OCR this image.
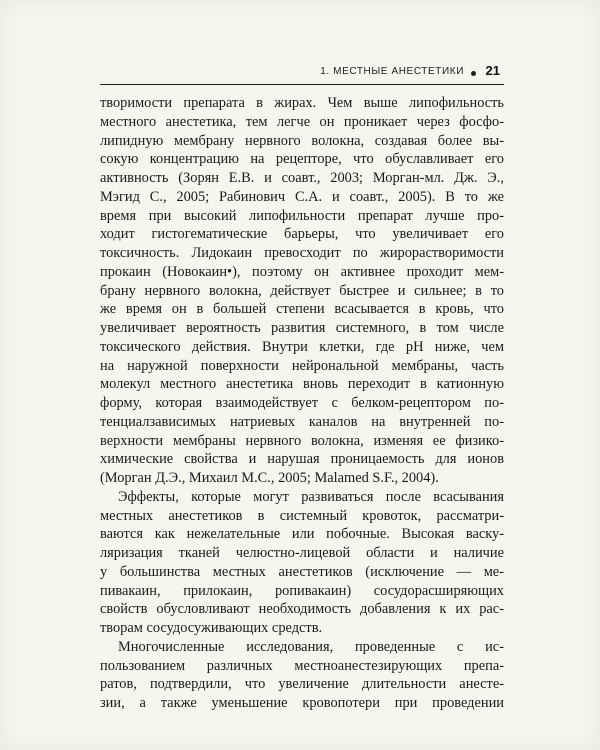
1. МЕСТНЫЕ АНЕСТЕТИКИ 21
творимости препарата в жирах. Чем выше липофильность
местного анестетика, тем легче он проникает через фосфо-
липидную мембрану нервного волокна, создавая более вы-
сокую концентрацию на рецепторе, что обуславливает его
активность (Зорян Е.В. и соавт., 2003; Морган-мл. Дж. Э.,
Мэгид С., 2005; Рабинович С.А. и соавт., 2005). В то же
время при высокий липофильности препарат лучше про-
ходит гистогематические барьеры, что увеличивает его
токсичность. Лидокаин превосходит по жирорастворимости
прокаин (Новокаин•), поэтому он активнее проходит мем-
брану нервного волокна, действует быстрее и сильнее; в то
же время он в большей степени всасывается в кровь, что
увеличивает вероятность развития системного, в том числе
токсического действия. Внутри клетки, где pH ниже, чем
на наружной поверхности нейрональной мембраны, часть
молекул местного анестетика вновь переходит в катионную
форму, которая взаимодействует с белком-рецептором по-
тенциалзависимых натриевых каналов на внутренней по-
верхности мембраны нервного волокна, изменяя ее физико-
химические свойства и нарушая проницаемость для ионов
(Морган Д.Э., Михаил М.С., 2005; Malamed S.F., 2004).
Эффекты, которые могут развиваться после всасывания
местных анестетиков в системный кровоток, рассматри-
ваются как нежелательные или побочные. Высокая васку-
ляризация тканей челюстно-лицевой области и наличие
у большинства местных анестетиков (исключение — ме-
пивакаин, прилокаин, ропивакаин) сосудорасширяющих
свойств обусловливают необходимость добавления к их рас-
творам сосудосуживающих средств.
Многочисленные исследования, проведенные с ис-
пользованием различных местноанестезирующих препа-
ратов, подтвердили, что увеличение длительности анесте-
зии, а также уменьшение кровопотери при проведении
